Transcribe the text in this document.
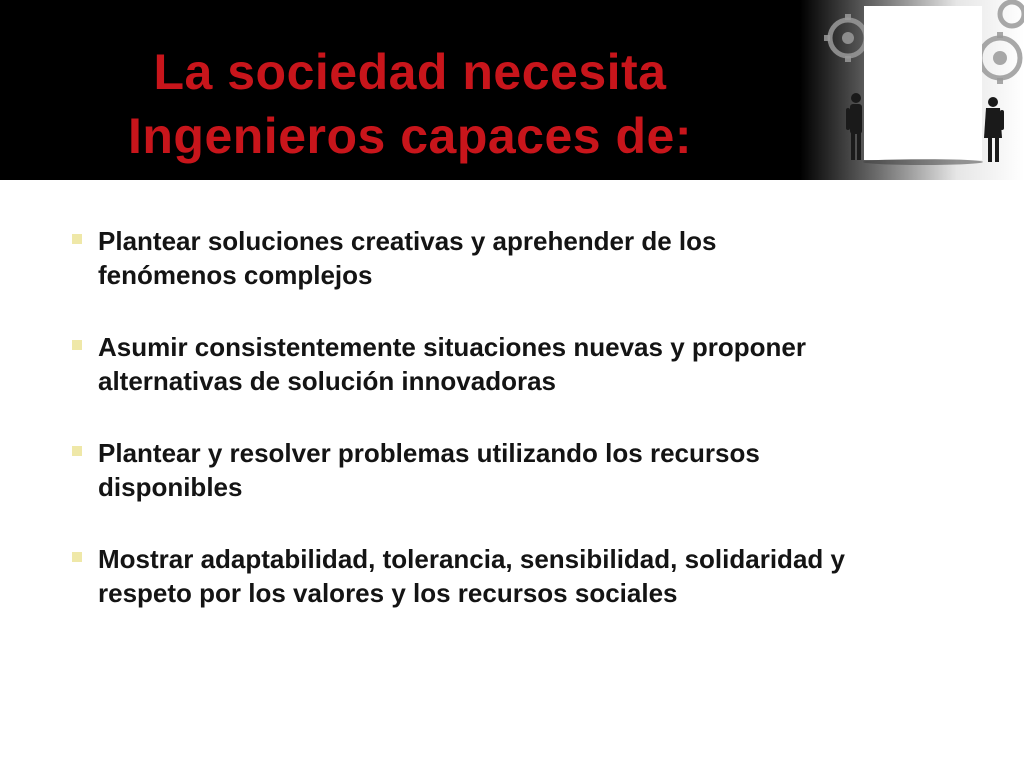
La sociedad necesita
Ingenieros capaces de:
Plantear soluciones creativas y aprehender de los
fenómenos complejos
Asumir consistentemente situaciones nuevas y proponer
alternativas de solución innovadoras
Plantear y resolver problemas utilizando los recursos
disponibles
Mostrar adaptabilidad, tolerancia, sensibilidad, solidaridad y
respeto por los valores y los recursos sociales
